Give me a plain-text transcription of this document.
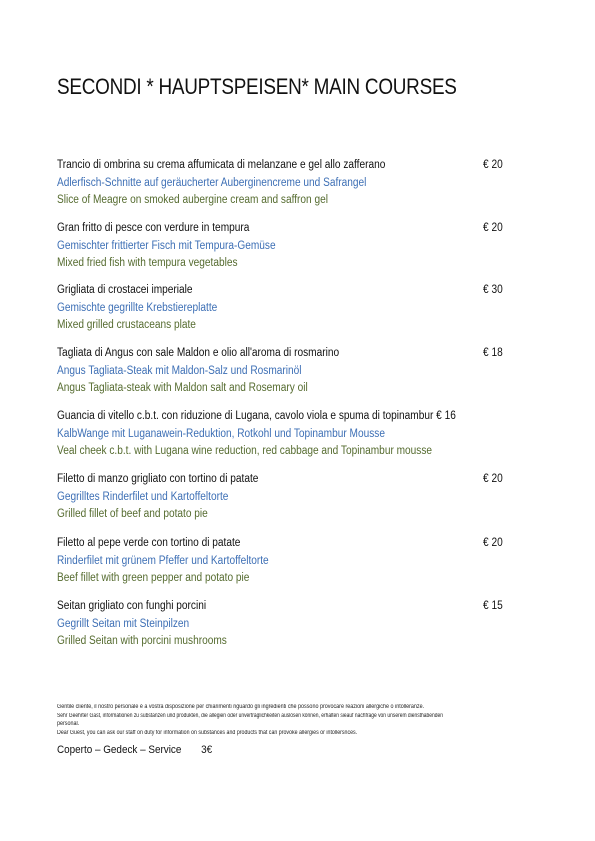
SECONDI * HAUPTSPEISEN* MAIN COURSES
Trancio di ombrina su crema affumicata di melanzane e gel allo zafferano
Adlerfisch-Schnitte auf geräucherter Auberginencreme und Safrangel
Slice of Meagre on smoked aubergine cream and saffron gel
€ 20
Gran fritto di pesce con verdure in tempura
Gemischter frittierter Fisch mit Tempura-Gemüse
Mixed fried fish with tempura vegetables
€ 20
Grigliata di crostacei imperiale
Gemischte gegrillte Krebstiereplatte
Mixed grilled crustaceans plate
€ 30
Tagliata di Angus con sale Maldon e olio all'aroma di rosmarino
Angus Tagliata-Steak mit Maldon-Salz und Rosmarinöl
Angus Tagliata-steak with Maldon salt and Rosemary oil
€ 18
Guancia di vitello c.b.t. con riduzione di Lugana, cavolo viola e spuma di topinambur € 16
KalbWange mit Luganawein-Reduktion, Rotkohl und Topinambur Mousse
Veal cheek c.b.t. with Lugana wine reduction, red cabbage and Topinambur mousse
Filetto di manzo grigliato con tortino di patate
Gegrilltes Rinderfilet und Kartoffeltorte
Grilled fillet of beef and potato pie
€ 20
Filetto al pepe verde con tortino di patate
Rinderfilet mit grünem Pfeffer und Kartoffeltorte
Beef fillet with green pepper and potato pie
€ 20
Seitan grigliato con funghi porcini
Gegrillt Seitan mit Steinpilzen
Grilled Seitan with porcini mushrooms
€ 15
Gentile cliente, il nostro personale è a vostra disposizione per chiarimenti riguardo gli ingredienti che possono provocare reazioni allergiche o intolleranze.
Sehr Geehrter Gast, informationen zu substanzen und produkten, die allegien oder unverträglichkeiten auslösen können, erhalten sieauf nachfrage von unserem diensthabenden
personal.
Dear Guest, you can ask our staff on duty for information on substances and products that can provoke allergies or intollersnces.
Coperto – Gedeck – Service 3€
